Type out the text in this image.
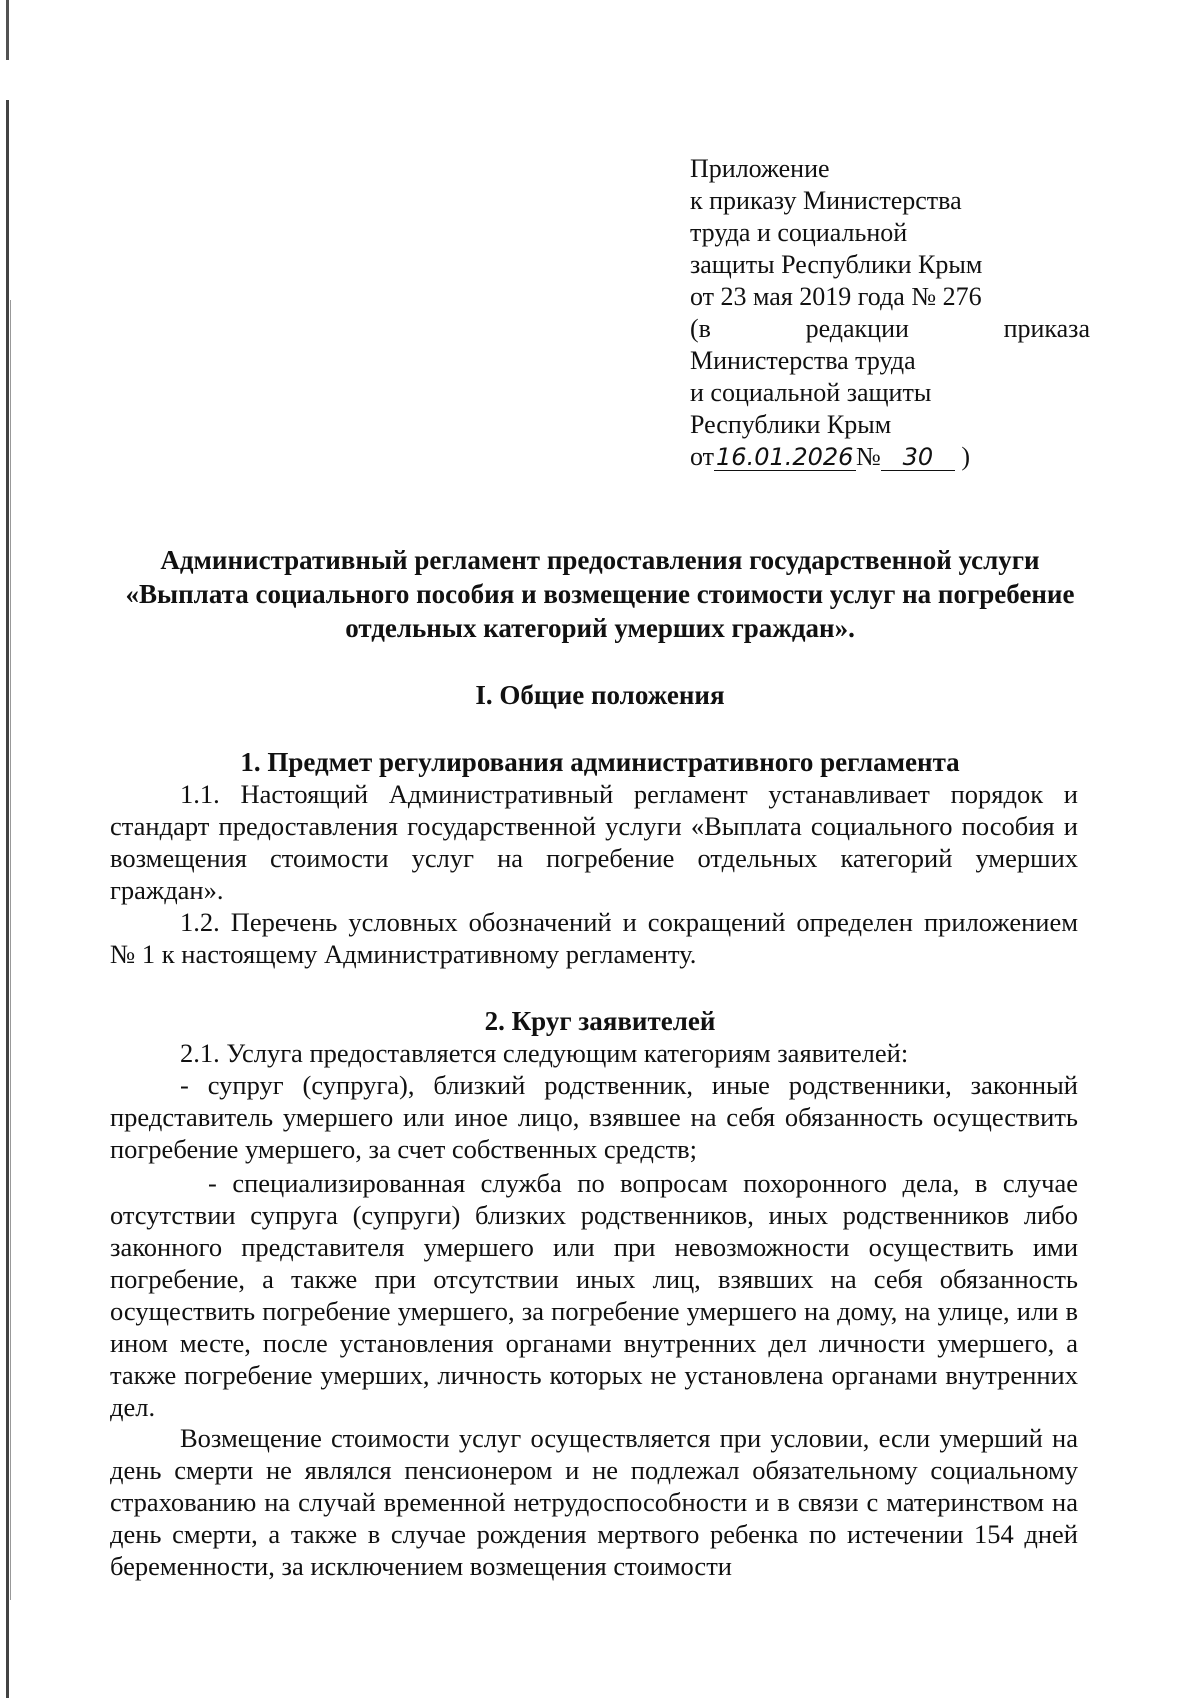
Приложение
к приказу Министерства
труда и социальной
защиты Республики Крым
от 23 мая 2019 года № 276
(в	редакции	приказа
Министерства труда
и социальной защиты
Республики Крым
от16.01.2026№ 30 )
Административный регламент предоставления государственной услуги «Выплата социального пособия и возмещение стоимости услуг на погребение отдельных категорий умерших граждан».
I. Общие положения
1. Предмет регулирования административного регламента
1.1. Настоящий Административный регламент устанавливает порядок и стандарт предоставления государственной услуги «Выплата социального пособия и возмещения стоимости услуг на погребение отдельных категорий умерших граждан».
1.2. Перечень условных обозначений и сокращений определен приложением № 1 к настоящему Административному регламенту.
2. Круг заявителей
2.1. Услуга предоставляется следующим категориям заявителей:
- супруг (супруга), близкий родственник, иные родственники, законный представитель умершего или иное лицо, взявшее на себя обязанность осуществить погребение умершего, за счет собственных средств;
- специализированная служба по вопросам похоронного дела, в случае отсутствии супруга (супруги) близких родственников, иных родственников либо законного представителя умершего или при невозможности осуществить ими погребение, а также при отсутствии иных лиц, взявших на себя обязанность осуществить погребение умершего, за погребение умершего на дому, на улице, или в ином месте, после установления органами внутренних дел личности умершего, а также погребение умерших, личность которых не установлена органами внутренних дел.
Возмещение стоимости услуг осуществляется при условии, если умерший на день смерти не являлся пенсионером и не подлежал обязательному социальному страхованию на случай временной нетрудоспособности и в связи с материнством на день смерти, а также в случае рождения мертвого ребенка по истечении 154 дней беременности, за исключением возмещения стоимости
